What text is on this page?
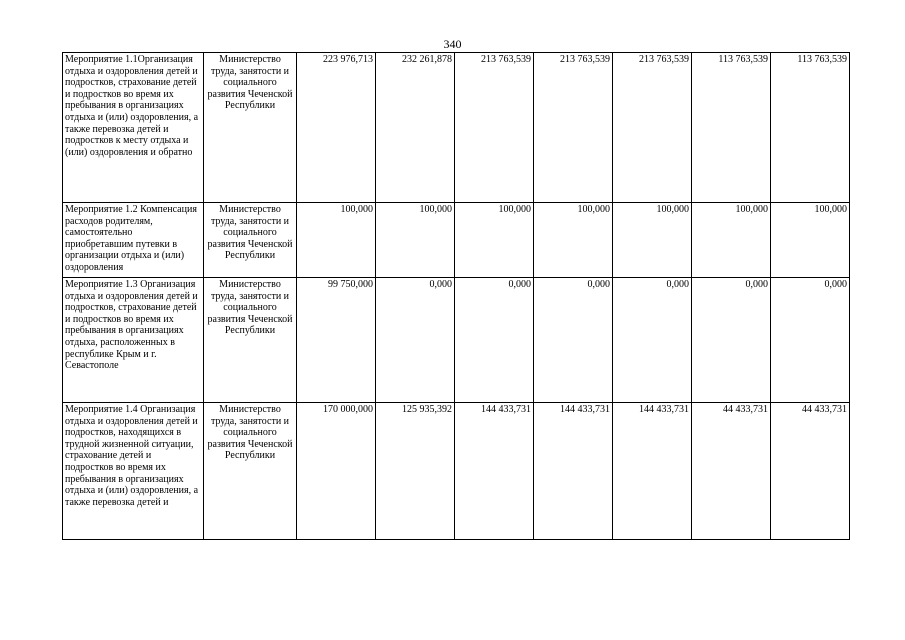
340
Мероприятие 1.1Организация отдыха и оздоровления детей и подростков, страхование детей и подростков во время их пребывания в организациях отдыха и (или) оздоровления, а также перевозка детей и подростков к месту отдыха и (или) оздоровления и обратно	Министерство труда, занятости и социального развития Чеченской Республики	223 976,713	232 261,878	213 763,539	213 763,539	213 763,539	113 763,539	113 763,539
Мероприятие 1.2 Компенсация расходов родителям, самостоятельно приобретавшим путевки в организации отдыха и (или) оздоровления	Министерство труда, занятости и социального развития Чеченской Республики	100,000	100,000	100,000	100,000	100,000	100,000	100,000
Мероприятие 1.3 Организация отдыха и оздоровления детей и подростков, страхование детей и подростков во время их пребывания в организациях отдыха, расположенных в республике Крым и г. Севастополе	Министерство труда, занятости и социального развития Чеченской Республики	99 750,000	0,000	0,000	0,000	0,000	0,000	0,000
Мероприятие 1.4 Организация отдыха и оздоровления детей и подростков, находящихся в трудной жизненной ситуации, страхование детей и подростков во время их пребывания в организациях отдыха и (или) оздоровления, а также перевозка детей и	Министерство труда, занятости и социального развития Чеченской Республики	170 000,000	125 935,392	144 433,731	144 433,731	144 433,731	44 433,731	44 433,731
